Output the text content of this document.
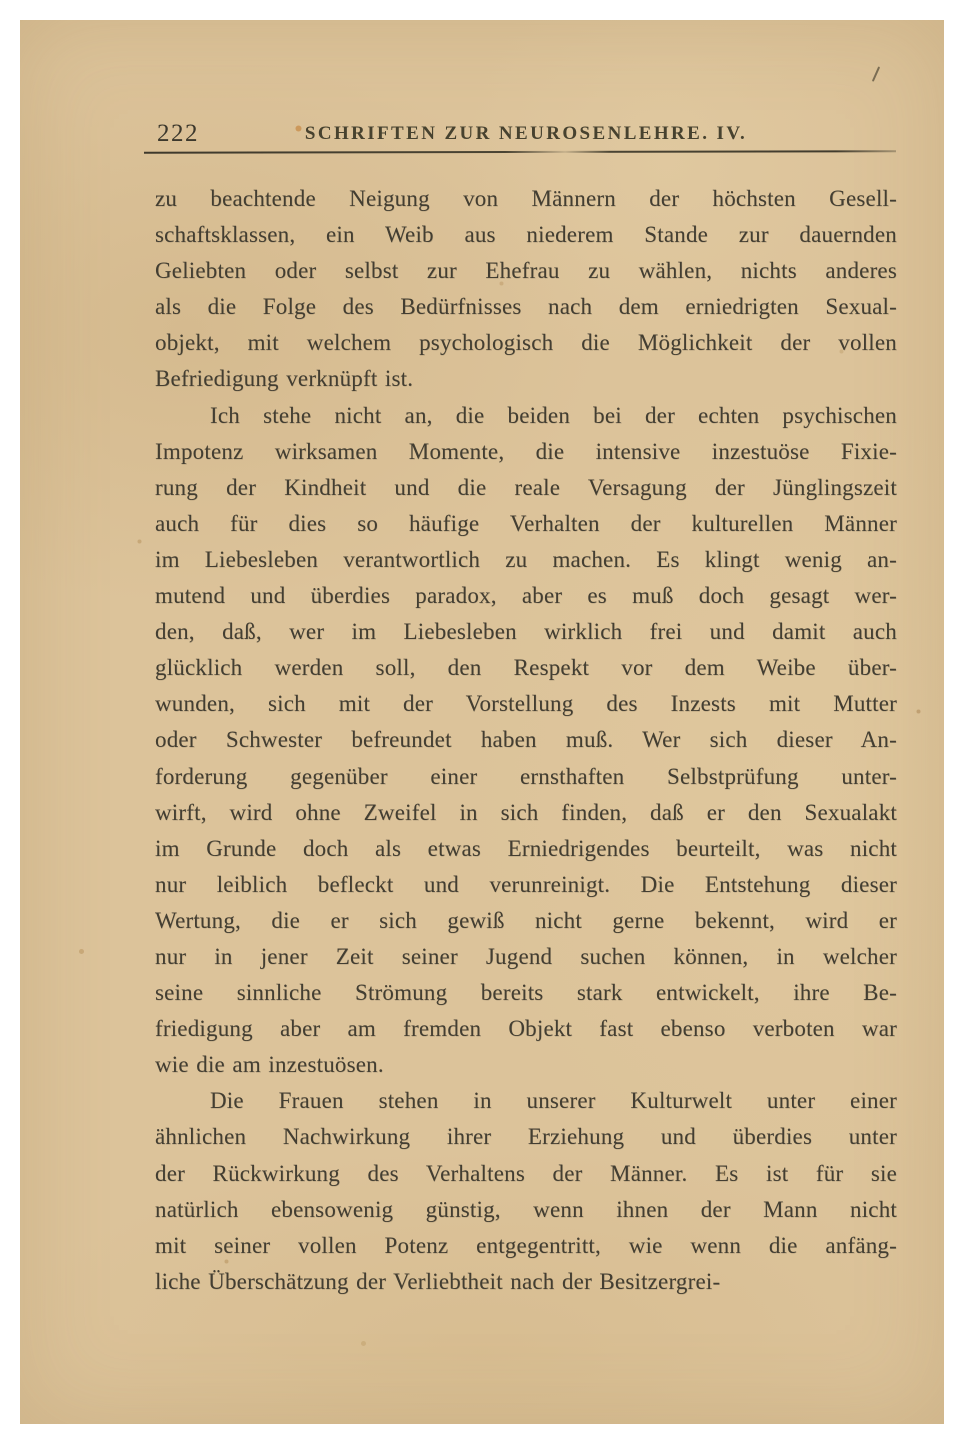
222	SCHRIFTEN ZUR NEUROSENLEHRE. IV.
zu beachtende Neigung von Männern der höchsten Gesell-
schaftsklassen, ein Weib aus niederem Stande zur dauernden
Geliebten oder selbst zur Ehefrau zu wählen, nichts anderes
als die Folge des Bedürfnisses nach dem erniedrigten Sexual-
objekt, mit welchem psychologisch die Möglichkeit der vollen
Befriedigung verknüpft ist.
Ich stehe nicht an, die beiden bei der echten psychischen
Impotenz wirksamen Momente, die intensive inzestuöse Fixie-
rung der Kindheit und die reale Versagung der Jünglingszeit
auch für dies so häufige Verhalten der kulturellen Männer
im Liebesleben verantwortlich zu machen. Es klingt wenig an-
mutend und überdies paradox, aber es muß doch gesagt wer-
den, daß, wer im Liebesleben wirklich frei und damit auch
glücklich werden soll, den Respekt vor dem Weibe über-
wunden, sich mit der Vorstellung des Inzests mit Mutter
oder Schwester befreundet haben muß. Wer sich dieser An-
forderung gegenüber einer ernsthaften Selbstprüfung unter-
wirft, wird ohne Zweifel in sich finden, daß er den Sexualakt
im Grunde doch als etwas Erniedrigendes beurteilt, was nicht
nur leiblich befleckt und verunreinigt. Die Entstehung dieser
Wertung, die er sich gewiß nicht gerne bekennt, wird er
nur in jener Zeit seiner Jugend suchen können, in welcher
seine sinnliche Strömung bereits stark entwickelt, ihre Be-
friedigung aber am fremden Objekt fast ebenso verboten war
wie die am inzestuösen.
Die Frauen stehen in unserer Kulturwelt unter einer
ähnlichen Nachwirkung ihrer Erziehung und überdies unter
der Rückwirkung des Verhaltens der Männer. Es ist für sie
natürlich ebensowenig günstig, wenn ihnen der Mann nicht
mit seiner vollen Potenz entgegentritt, wie wenn die anfäng-
liche Überschätzung der Verliebtheit nach der Besitzergrei-
